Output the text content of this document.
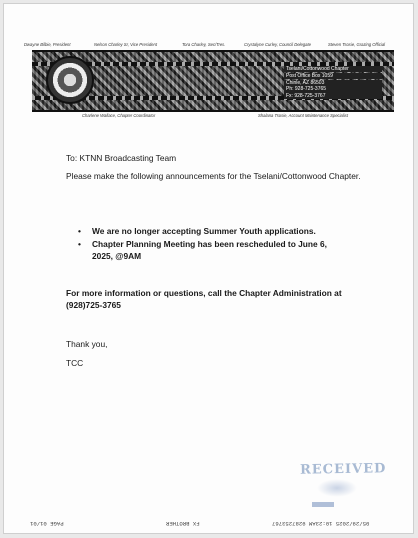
Dwayne Bilbie, President	Nelson Charley Sr, Vice President	Tora Charley, Sec/Tres.	Crystalyne Curley, Council Delegate	Steven Tsosie, Grazing Official
Tselani/Cottonwood Chapter
Post Office Box 1059
Chinle, AZ 86503
Ph: 928-725-3765
Fx: 928-725-3767
Charlene Wallace, Chapter Coordinator	Shalana Tsosie, Account Maintenance Specialist
To: KTNN Broadcasting Team
Please make the following announcements for the Tselani/Cottonwood Chapter.
• We are no longer accepting Summer Youth applications.
• Chapter Planning Meeting has been rescheduled to June 6, 2025, @9AM
For more information or questions, call the Chapter Administration at (928)725-3765
Thank you,
TCC
RECEIVED
PAGE 01/01	FX BROTHER	05/29/2025 10:23AM 9287253767
